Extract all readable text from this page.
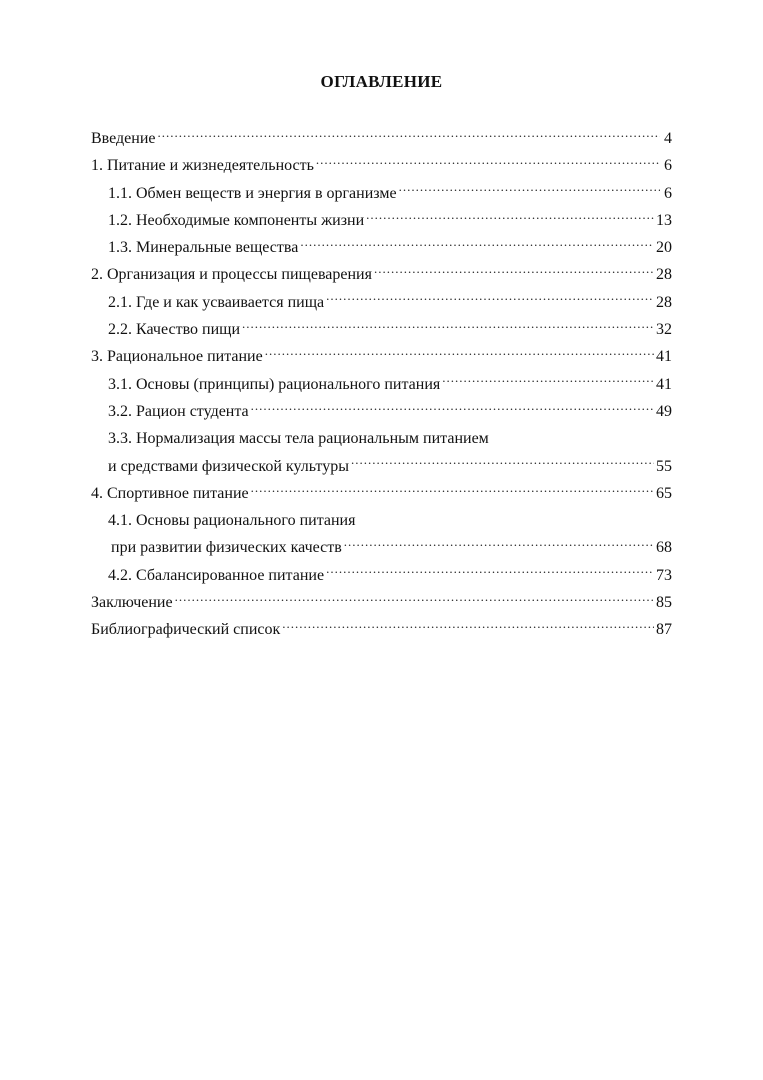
ОГЛАВЛЕНИЕ
Введение .....	4
1. Питание и жизнедеятельность .....	6
1.1. Обмен веществ и энергия в организме .....	6
1.2. Необходимые компоненты жизни .....	13
1.3. Минеральные вещества .....	20
2. Организация и процессы пищеварения .....	28
2.1. Где и как усваивается пища .....	28
2.2. Качество пищи .....	32
3. Рациональное питание .....	41
3.1. Основы (принципы) рационального питания .....	41
3.2. Рацион студента .....	49
3.3. Нормализация массы тела рациональным питанием
и средствами физической культуры .....	55
4. Спортивное питание .....	65
4.1. Основы рационального питания
при развитии физических качеств .....	68
4.2. Сбалансированное питание .....	73
Заключение .....	85
Библиографический список .....	87
